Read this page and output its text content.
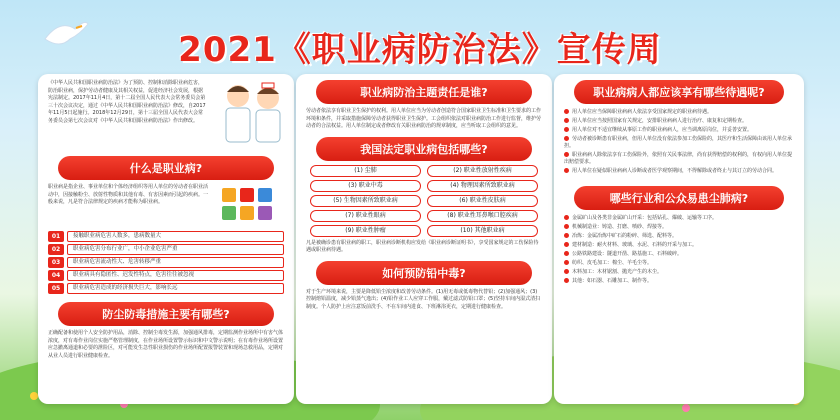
2021《职业病防治法》宣传周
《中华人民共和国职业病防治法》为了预防、控制和消除职业病危害，防治职业病，保护劳动者健康及其相关权益，促进经济社会发展，根据宪法制定。2017年11月4日，第十二届全国人民代表大会常务委员会第三十次会议决定，通过《中华人民共和国职业病防治法》修改，自2017年11月5日起施行。2018年12月29日，第十三届全国人民代表大会常务委员会第七次会议对《中华人民共和国职业病防治法》作出修改。
什么是职业病?
职业病是指企业、事业单位和个体经济组织等用人单位的劳动者在职业活动中，因接触粉尘、放射性物质和其他有毒、有害因素而引起的疾病。一般来说，凡是符合法律规定的疾病才能称为职业病。
01	接触职业病危害人数多，患病数量大
02	职业病危害分布行业广，中小企业危害严重
03	职业病危害流动性大、危害转移严重
04	职业病具有隐匿性、迟发性特点，危害往往被忽视
05	职业病危害造成的经济损失巨大，影响长远
防尘防毒措施主要有哪些?
正确配备和使用个人安全防护用品，消除、控制尘毒发生源，加强通风排毒，定期监测作业场所中有害气体浓度，对有毒作业岗位实施严格管理制度，在作业场所设置警示标识和中文警示说明；在有毒作业场所设置应急撤离通道和必要的泄险区，对可能发生急性职业损伤的作业场所配置报警装置和现场急救用品，定期对从业人员进行职业健康检查。
职业病防治主题责任是谁?
劳动者依法享有职业卫生保护的权利。用人单位应当为劳动者创造符合国家职业卫生标准和卫生要求的工作环境和条件，并采取措施保障劳动者获得职业卫生保护。工会组织依法对职业病防治工作进行监督，维护劳动者的合法权益。用人单位制定或者修改有关职业病防治的规章制度，应当听取工会组织的意见。
我国法定职业病包括哪些?
(1) 尘肺	(2) 职业性放射性疾病
(3) 职业中毒	(4) 物理因素所致职业病
(5) 生物因素所致职业病	(6) 职业性皮肤病
(7) 职业性眼病	(8) 职业性耳鼻喉口腔疾病
(9) 职业性肿瘤	(10) 其他职业病
凡是被确诊患有职业病的职工，职业病诊断机构应发给《职业病诊断证明书》，享受国家规定的工伤保险待遇或职业病待遇。
如何预防铅中毒?
对于生产环境来说，主要是降低铅尘浓度和改善劳动条件。(1)用无毒或低毒物代替铅；(2)加强通风；(3)控制熔铅温度，减少铅蒸气逸出；(4)铅作业工人应穿工作服，戴过滤式防铅口罩；(5)坚持车间内湿式清扫制度。个人防护上应注意饭前洗手、不在车间内进食、下班淋浴更衣，定期进行健康检查。
职业病病人都应该享有哪些待遇呢?
用人单位应当保障职业病病人依法享受国家规定的职业病待遇。
用人单位应当按照国家有关规定，安排职业病病人进行治疗、康复和定期检查。
用人单位对不适宜继续从事原工作的职业病病人，应当调离原岗位，并妥善安置。
劳动者被诊断患有职业病，但用人单位没有依法参加工伤保险的，其医疗和生活保障由该用人单位承担。
职业病病人除依法享有工伤保险外，依照有关民事法律，尚有获得赔偿的权利的，有权向用人单位提出赔偿要求。
用人单位在疑似职业病病人诊断或者医学观察期间，不得解除或者终止与其订立的劳动合同。
哪些行业和公众易患尘肺病?
金属矿山及各类非金属矿山开采：包括钻孔、爆破、运输等工序。
机械制造业：铸造、打磨、喷砂、焊接等。
冶炼：金属冶炼中矿石的粉碎、筛选、配料等。
建材制造：耐火材料、玻璃、水泥、石料的开采与加工。
公路铁路建设：隧道开凿、路基施工、石料破碎。
纺织、皮毛加工：棉尘、羊毛尘等。
木料加工：木材锯割、抛光产生的木尘。
其他：如石器、石雕加工、制作等。
